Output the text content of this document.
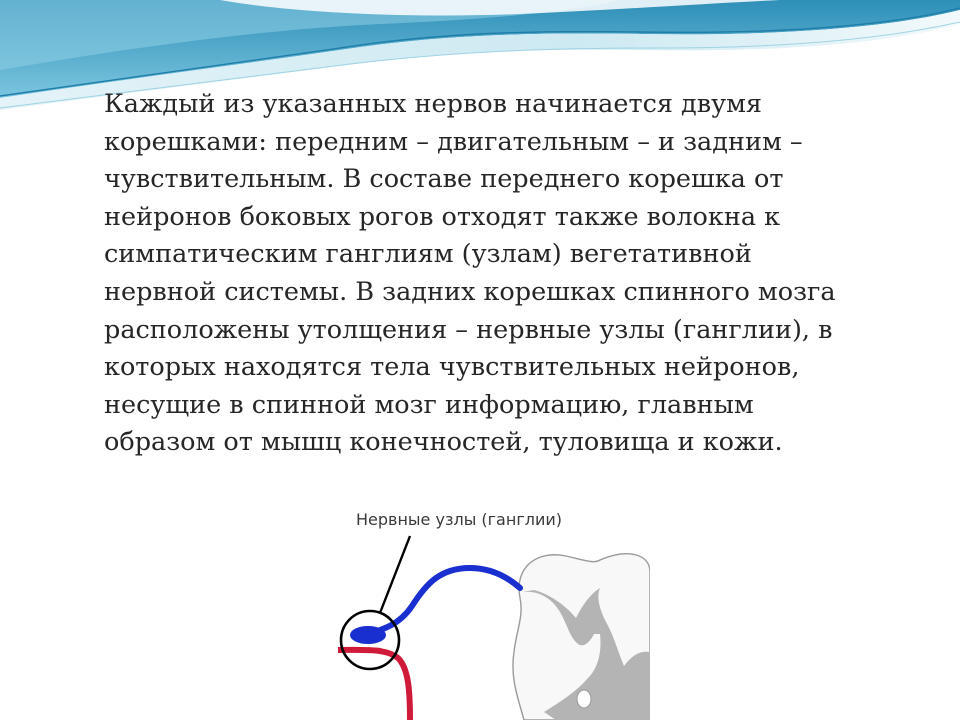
Каждый из указанных нервов начинается двумя
корешками: передним – двигательным – и задним –
чувствительным. В составе переднего корешка от
нейронов боковых рогов отходят также волокна к
симпатическим ганглиям (узлам) вегетативной
нервной системы. В задних корешках спинного мозга
расположены утолщения – нервные узлы (ганглии), в
которых находятся тела чувствительных нейронов,
несущие в спинной мозг информацию, главным
образом от мышц конечностей, туловища и кожи.

Нервные узлы (ганглии)
